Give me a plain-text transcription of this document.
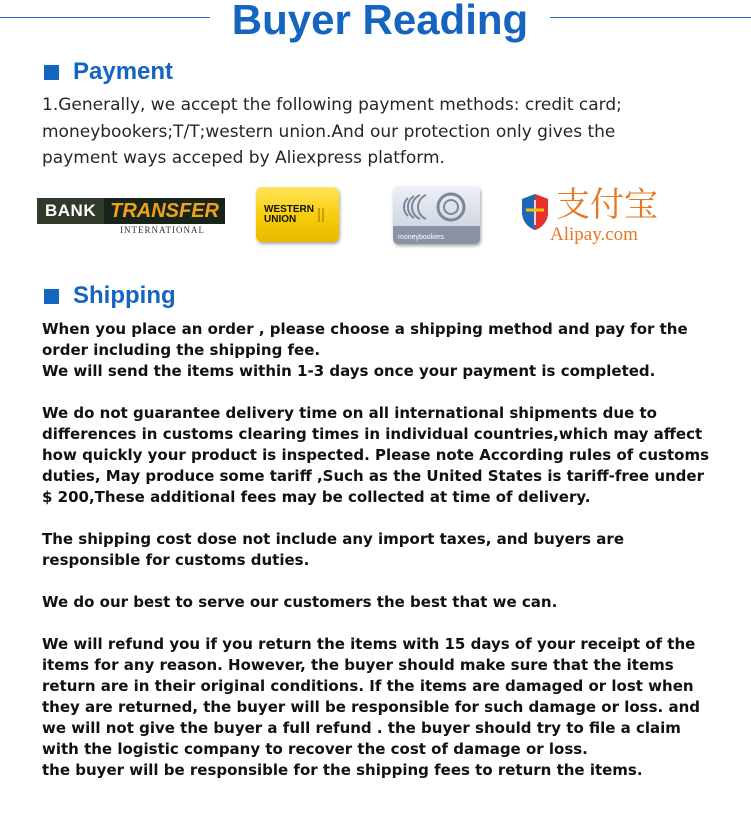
Buyer Reading
Payment
1.Generally, we accept the following payment methods: credit card; moneybookers;T/T;western union.And our protection only gives the payment ways acceped by Aliexpress platform.
BANK TRANSFER
INTERNATIONAL
WESTERN
UNION
moneybookers
支付宝
Alipay.com
Shipping

When you place an order , please choose a shipping method and pay for the order including the shipping fee.
We will send the items within 1-3 days once your payment is completed.

We do not guarantee delivery time on all international shipments due to differences in customs clearing times in individual countries,which may affect how quickly your product is inspected. Please note According rules of customs duties, May produce some tariff ,Such as the United States is tariff-free under $ 200,These additional fees may be collected at time of delivery.

The shipping cost dose not include any import taxes, and buyers are responsible for customs duties.

We do our best to serve our customers the best that we can.

We will refund you if you return the items with 15 days of your receipt of the items for any reason. However, the buyer should make sure that the items return are in their original conditions. If the items are damaged or lost when they are returned, the buyer will be responsible for such damage or loss. and we will not give the buyer a full refund . the buyer should try to file a claim with the logistic company to recover the cost of damage or loss.
the buyer will be responsible for the shipping fees to return the items.
